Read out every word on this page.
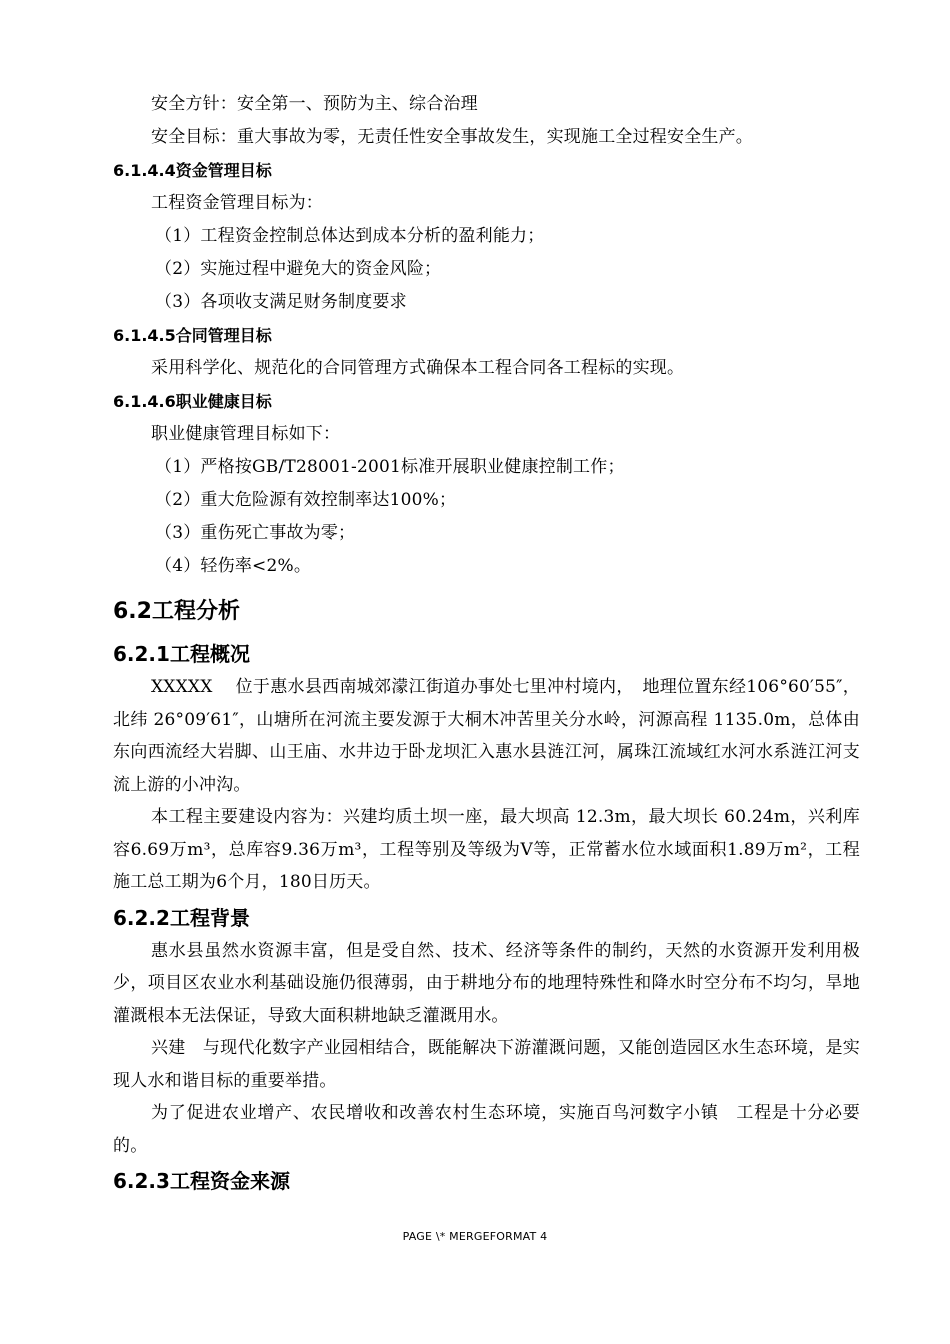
安全方针：安全第一、预防为主、综合治理

安全目标：重大事故为零，无责任性安全事故发生，实现施工全过程安全生产。

6.1.4.4资金管理目标

工程资金管理目标为：

（1）工程资金控制总体达到成本分析的盈利能力；

（2）实施过程中避免大的资金风险；

（3）各项收支满足财务制度要求

6.1.4.5合同管理目标

采用科学化、规范化的合同管理方式确保本工程合同各工程标的实现。

6.1.4.6职业健康目标

职业健康管理目标如下：

（1）严格按GB/T28001-2001标准开展职业健康控制工作；

（2）重大危险源有效控制率达100%；

（3）重伤死亡事故为零；

（4）轻伤率<2%。

6.2工程分析
6.2.1工程概况

XXXXX　 位于惠水县西南城郊濛江街道办事处七里冲村境内，　地理位置东经106°60′55″，北纬 26°09′61″，山塘所在河流主要发源于大桐木冲苦里关分水岭，河源高程 1135.0m，总体由东向西流经大岩脚、山王庙、水井边于卧龙坝汇入惠水县涟江河，属珠江流域红水河水系涟江河支流上游的小冲沟。

本工程主要建设内容为：兴建均质土坝一座，最大坝高 12.3m，最大坝长 60.24m，兴利库容6.69万m³，总库容9.36万m³，工程等别及等级为Ⅴ等，正常蓄水位水域面积1.89万m²，工程施工总工期为6个月，180日历天。

6.2.2工程背景

惠水县虽然水资源丰富，但是受自然、技术、经济等条件的制约，天然的水资源开发利用极少，项目区农业水利基础设施仍很薄弱，由于耕地分布的地理特殊性和降水时空分布不均匀，旱地灌溉根本无法保证，导致大面积耕地缺乏灌溉用水。

兴建　与现代化数字产业园相结合，既能解决下游灌溉问题，又能创造园区水生态环境，是实现人水和谐目标的重要举措。

为了促进农业增产、农民增收和改善农村生态环境，实施百鸟河数字小镇　工程是十分必要的。

6.2.3工程资金来源
PAGE \* MERGEFORMAT 4
